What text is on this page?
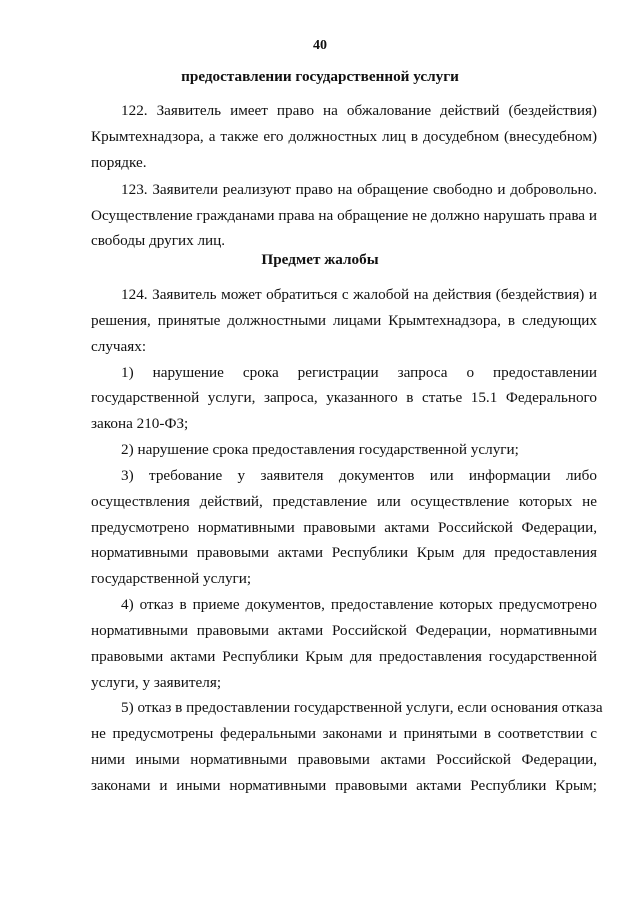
40

предоставлении государственной услуги

122. Заявитель имеет право на обжалование действий (бездействия)

Крымтехнадзора, а также его должностных лиц в досудебном (внесудебном)

порядке.

123. Заявители реализуют право на обращение свободно и добровольно.

Осуществление гражданами права на обращение не должно нарушать права и

свободы других лиц.

Предмет жалобы

124. Заявитель может обратиться с жалобой на действия (бездействия) и

решения, принятые должностными лицами Крымтехнадзора, в следующих

случаях:

1) нарушение срока регистрации запроса о предоставлении

государственной услуги, запроса, указанного в статье 15.1 Федерального

закона 210-ФЗ;

2) нарушение срока предоставления государственной услуги;

3) требование у заявителя документов или информации либо

осуществления действий, представление или осуществление которых не

предусмотрено нормативными правовыми актами Российской Федерации,

нормативными правовыми актами Республики Крым для предоставления

государственной услуги;

4) отказ в приеме документов, предоставление которых предусмотрено

нормативными правовыми актами Российской Федерации, нормативными

правовыми актами Республики Крым для предоставления государственной

услуги, у заявителя;

5) отказ в предоставлении государственной услуги, если основания отказа

не предусмотрены федеральными законами и принятыми в соответствии с

ними иными нормативными правовыми актами Российской Федерации,

законами и иными нормативными правовыми актами Республики Крым;
